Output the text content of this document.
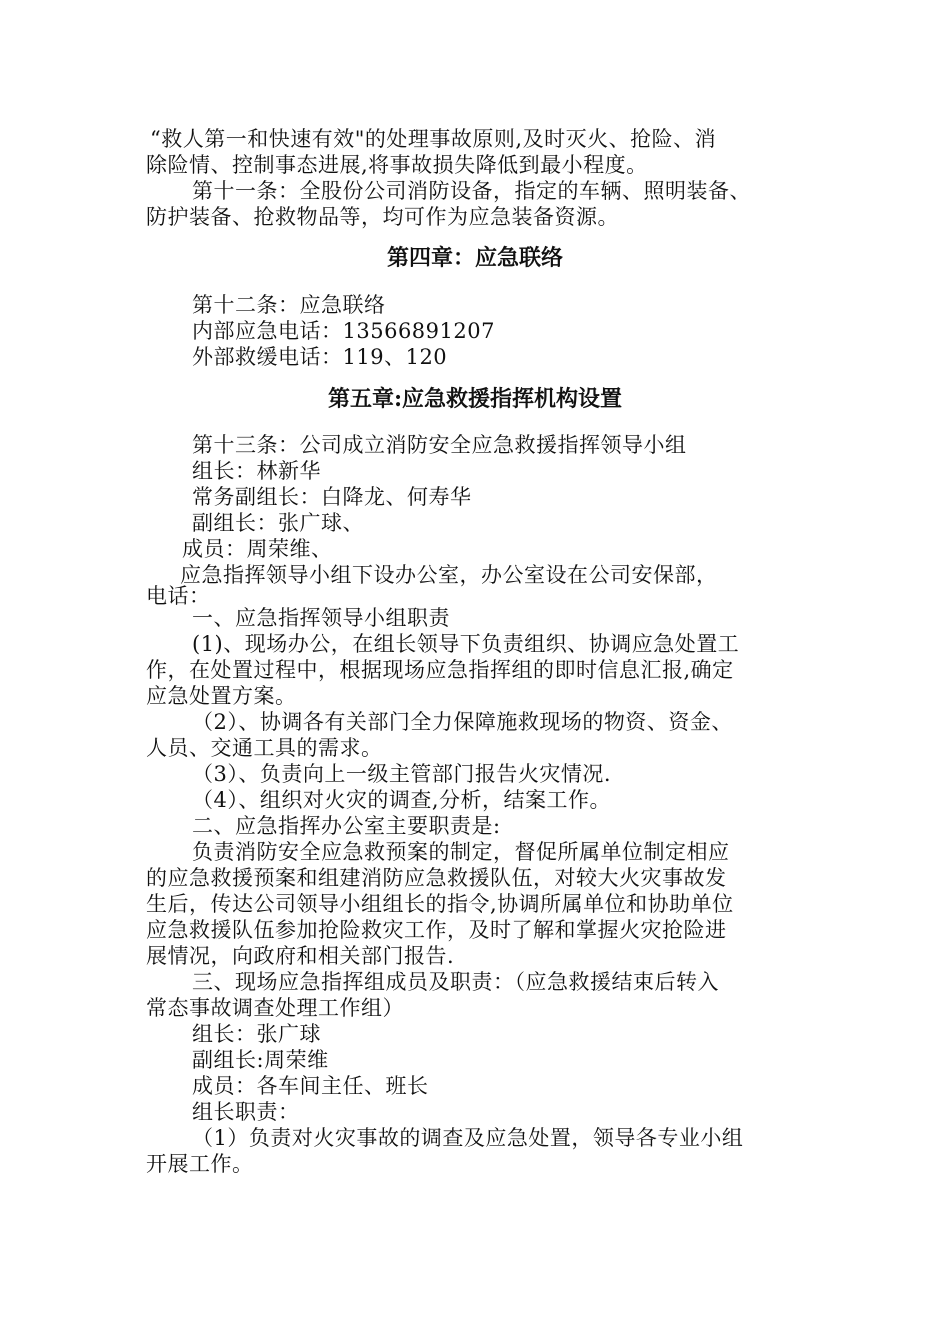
“救人第一和快速有效"的处理事故原则,及时灭火、抢险、消
除险情、控制事态进展,将事故损失降低到最小程度。
第十一条：全股份公司消防设备，指定的车辆、照明装备、
防护装备、抢救物品等，均可作为应急装备资源。
第四章：应急联络
第十二条：应急联络
内部应急电话：13566891207
外部救缓电话：119、120
第五章:应急救援指挥机构设置
第十三条：公司成立消防安全应急救援指挥领导小组
组长：林新华
常务副组长：白降龙、何寿华
副组长：张广球、
成员：周荣维、
应急指挥领导小组下设办公室，办公室设在公司安保部，
电话：
一、应急指挥领导小组职责
(1)、现场办公，在组长领导下负责组织、协调应急处置工
作，在处置过程中，根据现场应急指挥组的即时信息汇报,确定
应急处置方案。
（2）、协调各有关部门全力保障施救现场的物资、资金、
人员、交通工具的需求。
（3）、负责向上一级主管部门报告火灾情况.
（4）、组织对火灾的调查,分析，结案工作。
二、应急指挥办公室主要职责是:
负责消防安全应急救预案的制定，督促所属单位制定相应
的应急救援预案和组建消防应急救援队伍，对较大火灾事故发
生后，传达公司领导小组组长的指令,协调所属单位和协助单位
应急救援队伍参加抢险救灾工作，及时了解和掌握火灾抢险进
展情况，向政府和相关部门报告.
三、现场应急指挥组成员及职责：（应急救援结束后转入
常态事故调查处理工作组）
组长：张广球
副组长:周荣维
成员：各车间主任、班长
组长职责：
（1）负责对火灾事故的调查及应急处置，领导各专业小组
开展工作。
